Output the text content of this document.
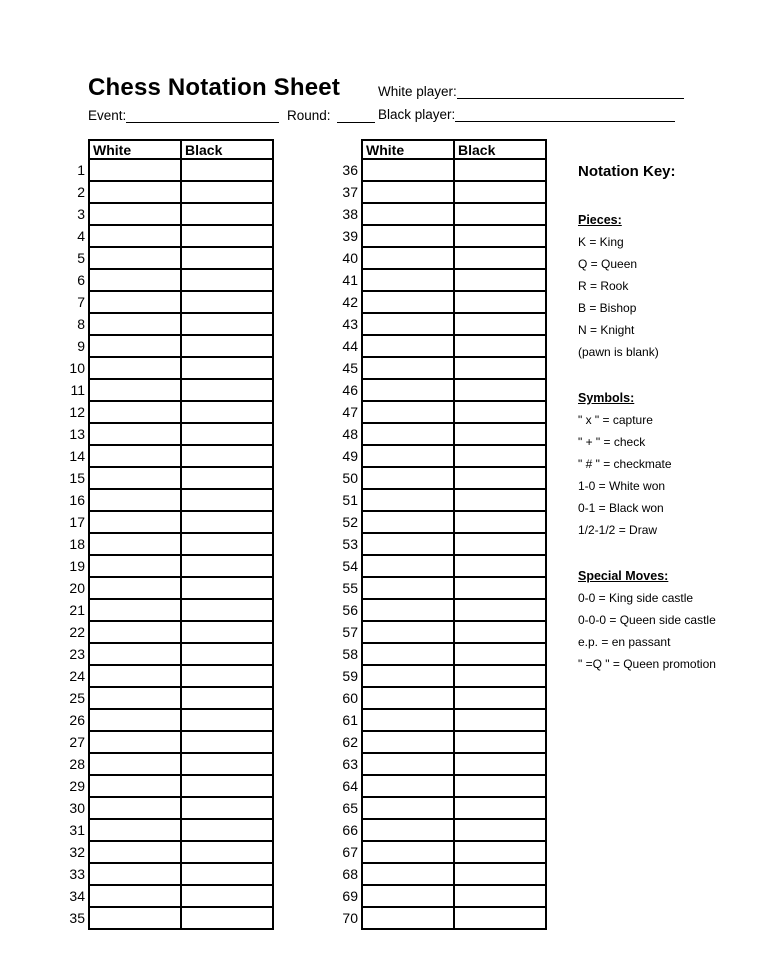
Chess Notation Sheet
Event:	Round:
White player:
Black player:
White	Black
1
2
3
4
5
6
7
8
9
10
11
12
13
14
15
16
17
18
19
20
21
22
23
24
25
26
27
28
29
30
31
32
33
34
35
White	Black
36
37
38
39
40
41
42
43
44
45
46
47
48
49
50
51
52
53
54
55
56
57
58
59
60
61
62
63
64
65
66
67
68
69
70
Notation Key:
Pieces:
K = King
Q = Queen
R = Rook
B = Bishop
N = Knight
(pawn is blank)
Symbols:
" x " = capture
" + " = check
" # " = checkmate
1-0 = White won
0-1 = Black won
1/2-1/2 = Draw
Special Moves:
0-0 = King side castle
0-0-0 = Queen side castle
e.p. = en passant
" =Q " = Queen promotion
